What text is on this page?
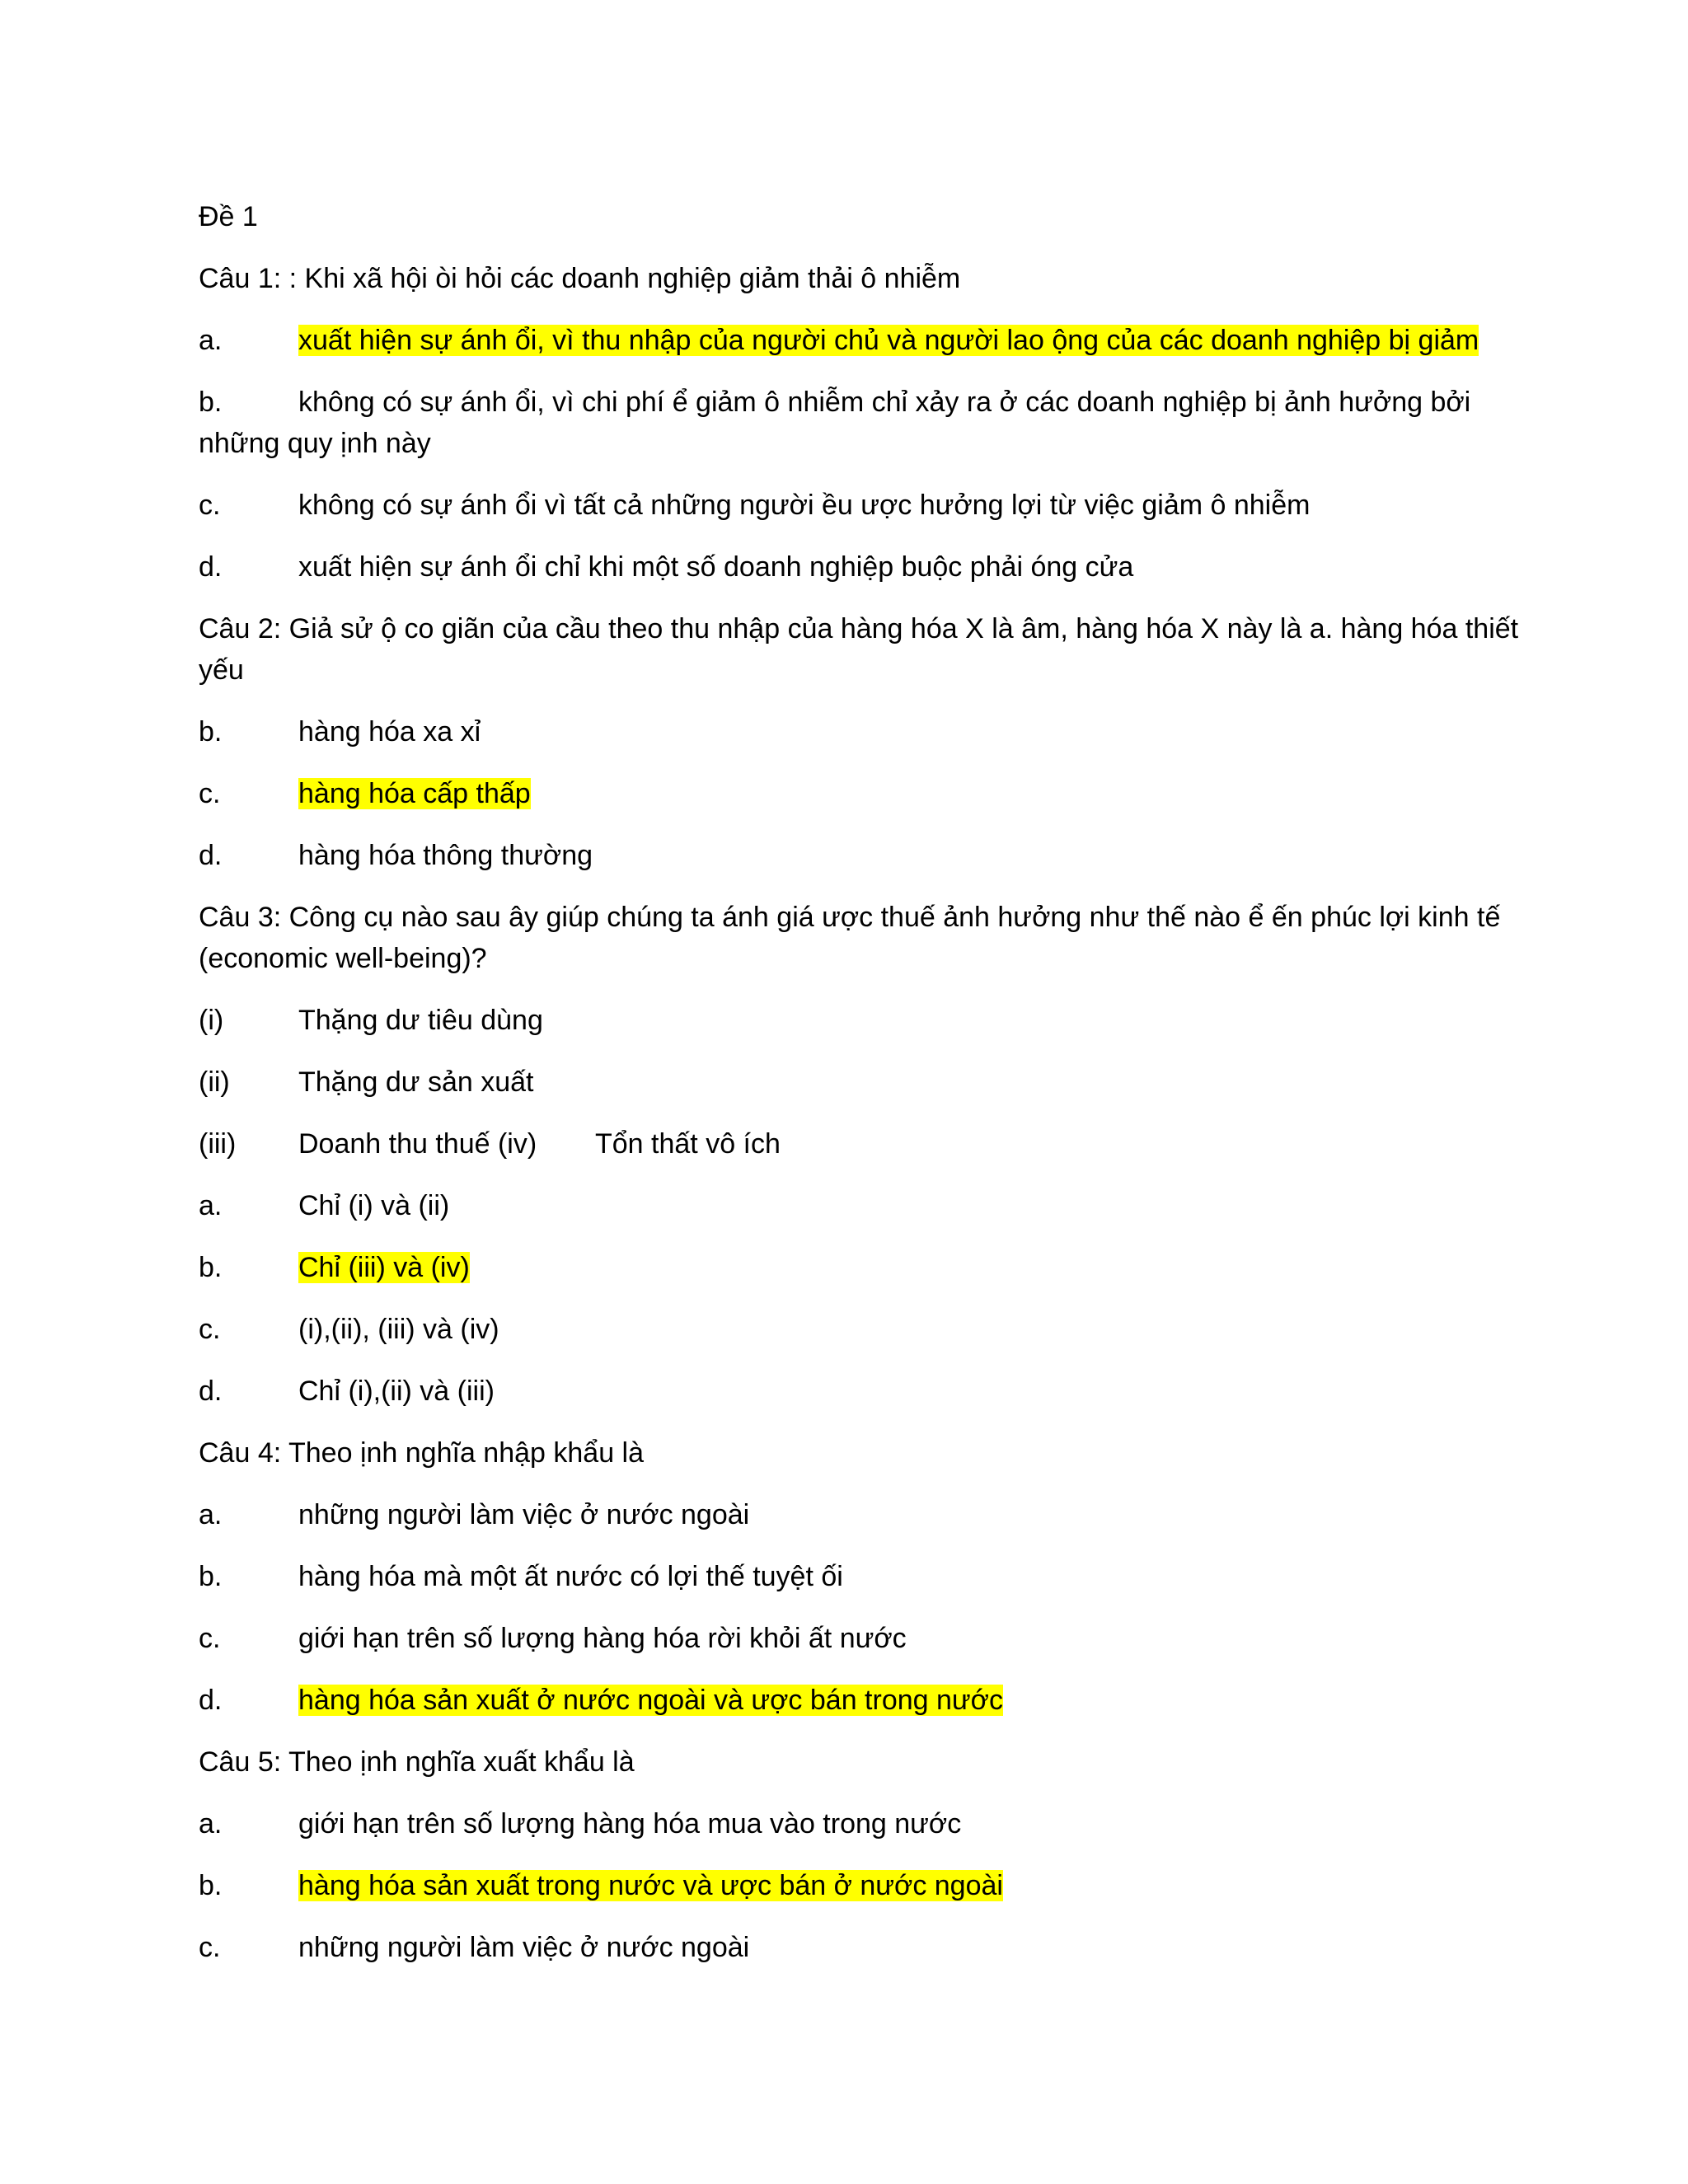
Đề 1
Câu 1: : Khi xã hội òi hỏi các doanh nghiệp giảm thải ô nhiễm
a.	xuất hiện sự ánh ổi, vì thu nhập của người chủ và người lao ộng của các doanh nghiệp bị giảm
b.	không có sự ánh ổi, vì chi phí ể giảm ô nhiễm chỉ xảy ra ở các doanh nghiệp bị ảnh hưởng bởi
những quy ịnh này
c.	không có sự ánh ổi vì tất cả những người ều ược hưởng lợi từ việc giảm ô nhiễm
d.	xuất hiện sự ánh ổi chỉ khi một số doanh nghiệp buộc phải óng cửa
Câu 2: Giả sử ộ co giãn của cầu theo thu nhập của hàng hóa X là âm, hàng hóa X này là a. hàng hóa thiết
yếu
b.	hàng hóa xa xỉ
c.	hàng hóa cấp thấp
d.	hàng hóa thông thường
Câu 3: Công cụ nào sau ây giúp chúng ta ánh giá ược thuế ảnh hưởng như thế nào ể ến phúc lợi kinh tế
(economic well-being)?
(i)	Thặng dư tiêu dùng
(ii) Thặng dư sản xuất
(iii) Doanh thu thuế (iv) Tổn thất vô ích
a.	Chỉ (i) và (ii)
b.	Chỉ (iii) và (iv)
c.	(i),(ii), (iii) và (iv)
d.	Chỉ (i),(ii) và (iii)
Câu 4: Theo ịnh nghĩa nhập khẩu là
a.	những người làm việc ở nước ngoài
b.	hàng hóa mà một ất nước có lợi thế tuyệt ối
c.	giới hạn trên số lượng hàng hóa rời khỏi ất nước
d.	hàng hóa sản xuất ở nước ngoài và ược bán trong nước
Câu 5: Theo ịnh nghĩa xuất khẩu là
a.	giới hạn trên số lượng hàng hóa mua vào trong nước
b.	hàng hóa sản xuất trong nước và ược bán ở nước ngoài
c.	những người làm việc ở nước ngoài
